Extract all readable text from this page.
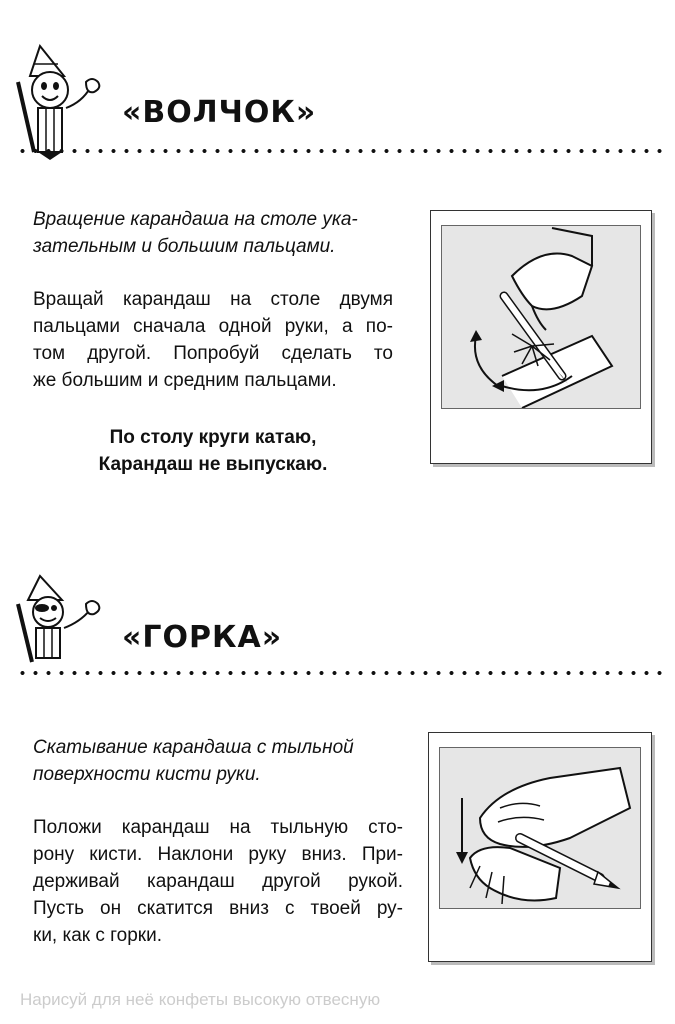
«ВОЛЧОК»
Вращение карандаша на столе ука-
зательным и большим пальцами.
Вращай карандаш на столе двумя
пальцами сначала одной руки, а по-
том другой. Попробуй сделать то
же большим и средним пальцами.
По столу круги катаю,
Карандаш не выпускаю.
«ГОРКА»
Скатывание карандаша с тыльной
поверхности кисти руки.
Положи карандаш на тыльную сто-
рону кисти. Наклони руку вниз. При-
держивай карандаш другой рукой.
Пусть он скатится вниз с твоей ру-
ки, как с горки.
Нарисуй для неё конфеты высокую отвесную
